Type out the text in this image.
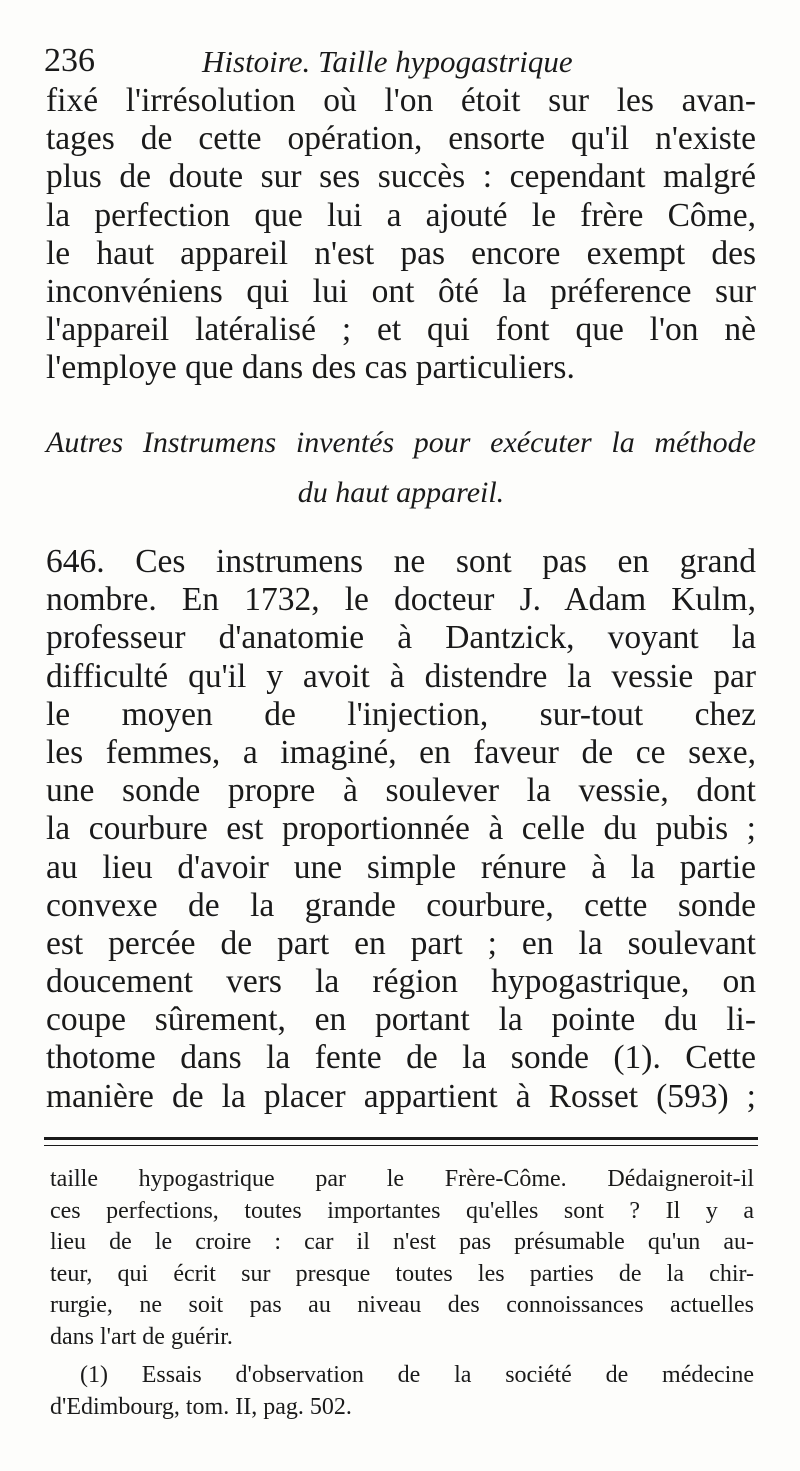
236	Histoire. Taille hypogastrique
fixé l'irrésolution où l'on étoit sur les avan-
tages de cette opération, ensorte qu'il n'existe
plus de doute sur ses succès : cependant malgré
la perfection que lui a ajouté le frère Côme,
le haut appareil n'est pas encore exempt des
inconvéniens qui lui ont ôté la préference sur
l'appareil latéralisé ; et qui font que l'on nè
l'employe que dans des cas particuliers.
Autres Instrumens inventés pour exécuter la méthode
du haut appareil.
646. Ces instrumens ne sont pas en grand
nombre. En 1732, le docteur J. Adam Kulm,
professeur d'anatomie à Dantzick, voyant la
difficulté qu'il y avoit à distendre la vessie par
le moyen de l'injection, sur-tout chez
les femmes, a imaginé, en faveur de ce sexe,
une sonde propre à soulever la vessie, dont
la courbure est proportionnée à celle du pubis ;
au lieu d'avoir une simple rénure à la partie
convexe de la grande courbure, cette sonde
est percée de part en part ; en la soulevant
doucement vers la région hypogastrique, on
coupe sûrement, en portant la pointe du li-
thotome dans la fente de la sonde (1). Cette
manière de la placer appartient à Rosset (593) ;
taille hypogastrique par le Frère-Côme. Dédaigneroit-il
ces perfections, toutes importantes qu'elles sont ? Il y a
lieu de le croire : car il n'est pas présumable qu'un au-
teur, qui écrit sur presque toutes les parties de la chir-
rurgie, ne soit pas au niveau des connoissances actuelles
dans l'art de guérir.
(1) Essais d'observation de la société de médecine
d'Edimbourg, tom. II, pag. 502.
